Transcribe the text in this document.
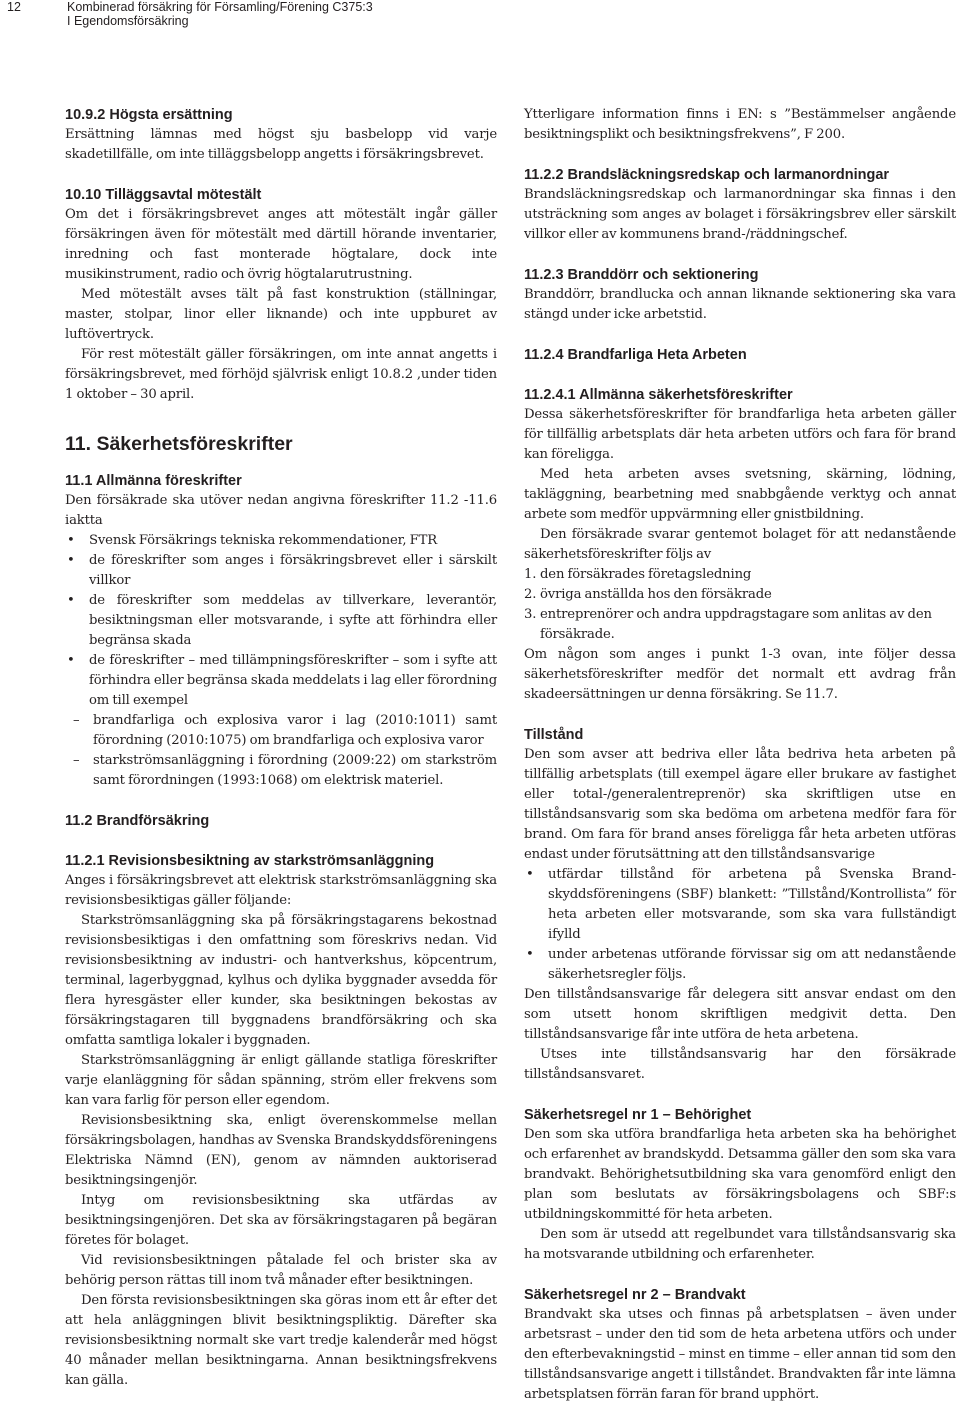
12	Kombinerad försäkring för Församling/Förening C375:3
I Egendomsförsäkring
10.9.2 Högsta ersättning

Ersättning lämnas med högst sju basbelopp vid varje skadetillfälle, om inte tilläggsbelopp angetts i försäkringsbrevet.

10.10 Tilläggsavtal mötestält

Om det i försäkringsbrevet anges att mötestält ingår gäller försäkringen även för mötestält med därtill hörande inventarier, inredning och fast monterade högtalare, dock inte musikinstrument, radio och övrig högtalarutrustning.

Med mötestält avses tält på fast konstruktion (ställningar, master, stolpar, linor eller liknande) och inte uppburet av luftövertryck.

För rest mötestält gäller försäkringen, om inte annat angetts i försäkringsbrevet, med förhöjd självrisk enligt 10.8.2 ,under tiden 1 oktober – 30 april.

11. Säkerhetsföreskrifter
11.1 Allmänna föreskrifter

Den försäkrade ska utöver nedan angivna föreskrifter 11.2 -11.6 iaktta

• Svensk Försäkrings tekniska rekommendationer, FTR
• de föreskrifter som anges i försäkringsbrevet eller i särskilt villkor
• de föreskrifter som meddelas av tillverkare, leverantör, besiktningsman eller motsvarande, i syfte att förhindra eller begränsa skada
• de föreskrifter – med tillämpningsföreskrifter – som i syfte att förhindra eller begränsa skada meddelats i lag eller förordning om till exempel
– brandfarliga och explosiva varor i lag (2010:1011) samt förordning (2010:1075) om brandfarliga och explosiva varor
– starkströmsanläggning i förordning (2009:22) om starkström samt förordningen (1993:1068) om elektrisk materiel.
11.2 Brandförsäkring
11.2.1 Revisionsbesiktning av starkströmsanläggning

Anges i försäkringsbrevet att elektrisk starkströmsanläggning ska revisionsbesiktigas gäller följande:

Starkströmsanläggning ska på försäkringstagarens bekostnad revisionsbesiktigas i den omfattning som föreskrivs nedan. Vid revisionsbesiktning av industri- och hantverkshus, köpcentrum, terminal, lagerbyggnad, kylhus och dylika byggnader avsedda för flera hyresgäster eller kunder, ska besiktningen bekostas av försäkringstagaren till byggnadens brandförsäkring och ska omfatta samtliga lokaler i byggnaden.

Starkströmsanläggning är enligt gällande statliga föreskrifter varje elanläggning för sådan spänning, ström eller frekvens som kan vara farlig för person eller egendom.

Revisionsbesiktning ska, enligt överenskommelse mellan försäkringsbolagen, handhas av Svenska Brandskyddsföreningens Elektriska Nämnd (EN), genom av nämnden auktoriserad besiktningsingenjör.

Intyg om revisionsbesiktning ska utfärdas av besiktningsingenjören. Det ska av försäkringstagaren på begäran företes för bolaget.

Vid revisionsbesiktningen påtalade fel och brister ska av behörig person rättas till inom två månader efter besiktningen.

Den första revisionsbesiktningen ska göras inom ett år efter det att hela anläggningen blivit besiktningspliktig. Därefter ska revisionsbesiktning normalt ske vart tredje kalenderår med högst 40 månader mellan besiktningarna. Annan besiktningsfrekvens kan gälla.

Ytterligare information finns i EN: s ”Bestämmelser angående besiktningsplikt och besiktningsfrekvens”, F 200.

11.2.2 Brandsläckningsredskap och larmanordningar

Brandsläckningsredskap och larmanordningar ska finnas i den utsträckning som anges av bolaget i försäkringsbrev eller särskilt villkor eller av kommunens brand-/räddningschef.

11.2.3 Branddörr och sektionering

Branddörr, brandlucka och annan liknande sektionering ska vara stängd under icke arbetstid.

11.2.4 Brandfarliga Heta Arbeten
11.2.4.1 Allmänna säkerhetsföreskrifter

Dessa säkerhetsföreskrifter för brandfarliga heta arbeten gäller för tillfällig arbetsplats där heta arbeten utförs och fara för brand kan föreligga.

Med heta arbeten avses svetsning, skärning, lödning, takläggning, bearbetning med snabbgående verktyg och annat arbete som medför uppvärmning eller gnistbildning.

Den försäkrade svarar gentemot bolaget för att nedanstående säkerhetsföreskrifter följs av

1. den försäkrades företagsledning
2. övriga anställda hos den försäkrade
3. entreprenörer och andra uppdragstagare som anlitas av den försäkrade.

Om någon som anges i punkt 1-3 ovan, inte följer dessa säkerhetsföreskrifter medför det normalt ett avdrag från skadeersättningen ur denna försäkring. Se 11.7.

Tillstånd

Den som avser att bedriva eller låta bedriva heta arbeten på tillfällig arbetsplats (till exempel ägare eller brukare av fastighet eller total-/generalentreprenör) ska skriftligen utse en tillståndsansvarig som ska bedöma om arbetena medför fara för brand. Om fara för brand anses föreligga får heta arbeten utföras endast under förutsättning att den tillståndsansvarige

• utfärdar tillstånd för arbetena på Svenska Brand-skyddsföreningens (SBF) blankett: ”Tillstånd/Kontrollista” för heta arbeten eller motsvarande, som ska vara fullständigt ifylld
• under arbetenas utförande förvissar sig om att nedanstående säkerhetsregler följs.

Den tillståndsansvarige får delegera sitt ansvar endast om den som utsett honom skriftligen medgivit detta. Den tillståndsansvarige får inte utföra de heta arbetena.

Utses inte tillståndsansvarig har den försäkrade tillståndsansvaret.

Säkerhetsregel nr 1 – Behörighet

Den som ska utföra brandfarliga heta arbeten ska ha behörighet och erfarenhet av brandskydd. Detsamma gäller den som ska vara brandvakt. Behörighetsutbildning ska vara genomförd enligt den plan som beslutats av försäkringsbolagens och SBF:s utbildningskommitté för heta arbeten.

Den som är utsedd att regelbundet vara tillståndsansvarig ska ha motsvarande utbildning och erfarenheter.

Säkerhetsregel nr 2 – Brandvakt

Brandvakt ska utses och finnas på arbetsplatsen – även under arbetsrast – under den tid som de heta arbetena utförs och under den efterbevakningstid – minst en timme – eller annan tid som den tillståndsansvarige angett i tillståndet. Brandvakten får inte lämna arbetsplatsen förrän faran för brand upphört.
